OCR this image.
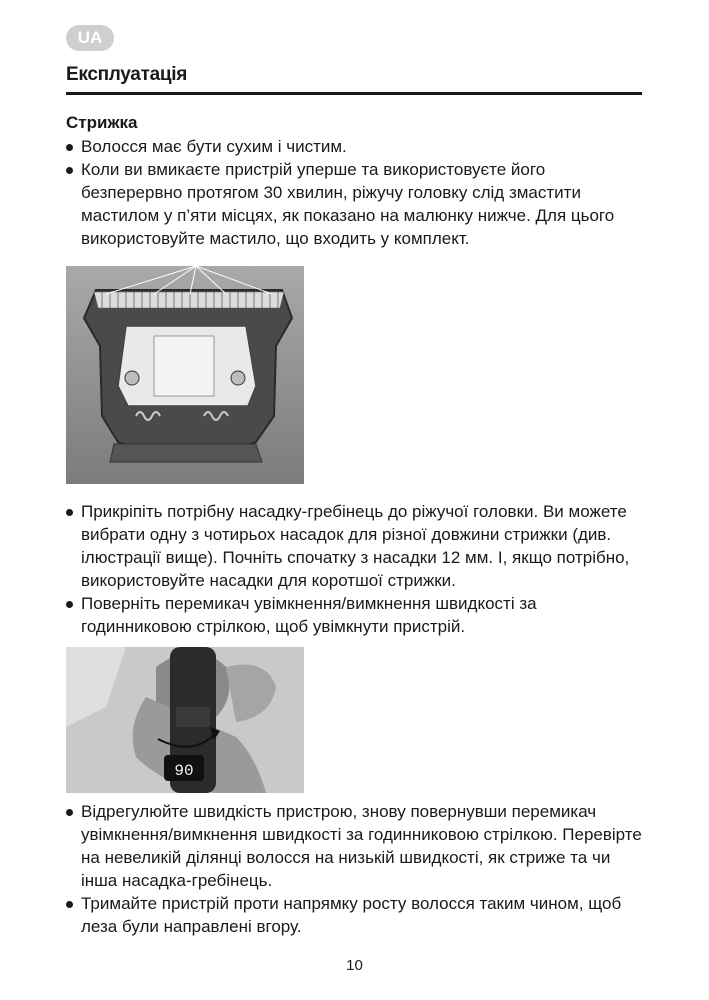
UA
Експлуатація
Стрижка
Волосся має бути сухим і чистим.
Коли ви вмикаєте пристрій уперше та використовуєте його безперервно протягом 30 хвилин, ріжучу головку слід змастити мастилом у п’яти місцях, як показано на малюнку нижче. Для цього використовуйте мастило, що входить у комплект.
Прикріпіть потрібну насадку-гребінець до ріжучої головки. Ви можете вибрати одну з чотирьох насадок для різної довжини стрижки (див. ілюстрації вище). Почніть спочатку з насадки 12 мм. І, якщо потрібно, використовуйте насадки для коротшої стрижки.
Поверніть перемикач увімкнення/вимкнення швидкості за годинниковою стрілкою, щоб увімкнути пристрій.
90
Відрегулюйте швидкість пристрою, знову повернувши перемикач увімкнення/вимкнення швидкості за годинниковою стрілкою. Перевірте на невеликій ділянці волосся на низькій швидкості, як стриже та чи інша насадка-гребінець.
Тримайте пристрій проти напрямку росту волосся таким чином, щоб леза були направлені вгору.
10
